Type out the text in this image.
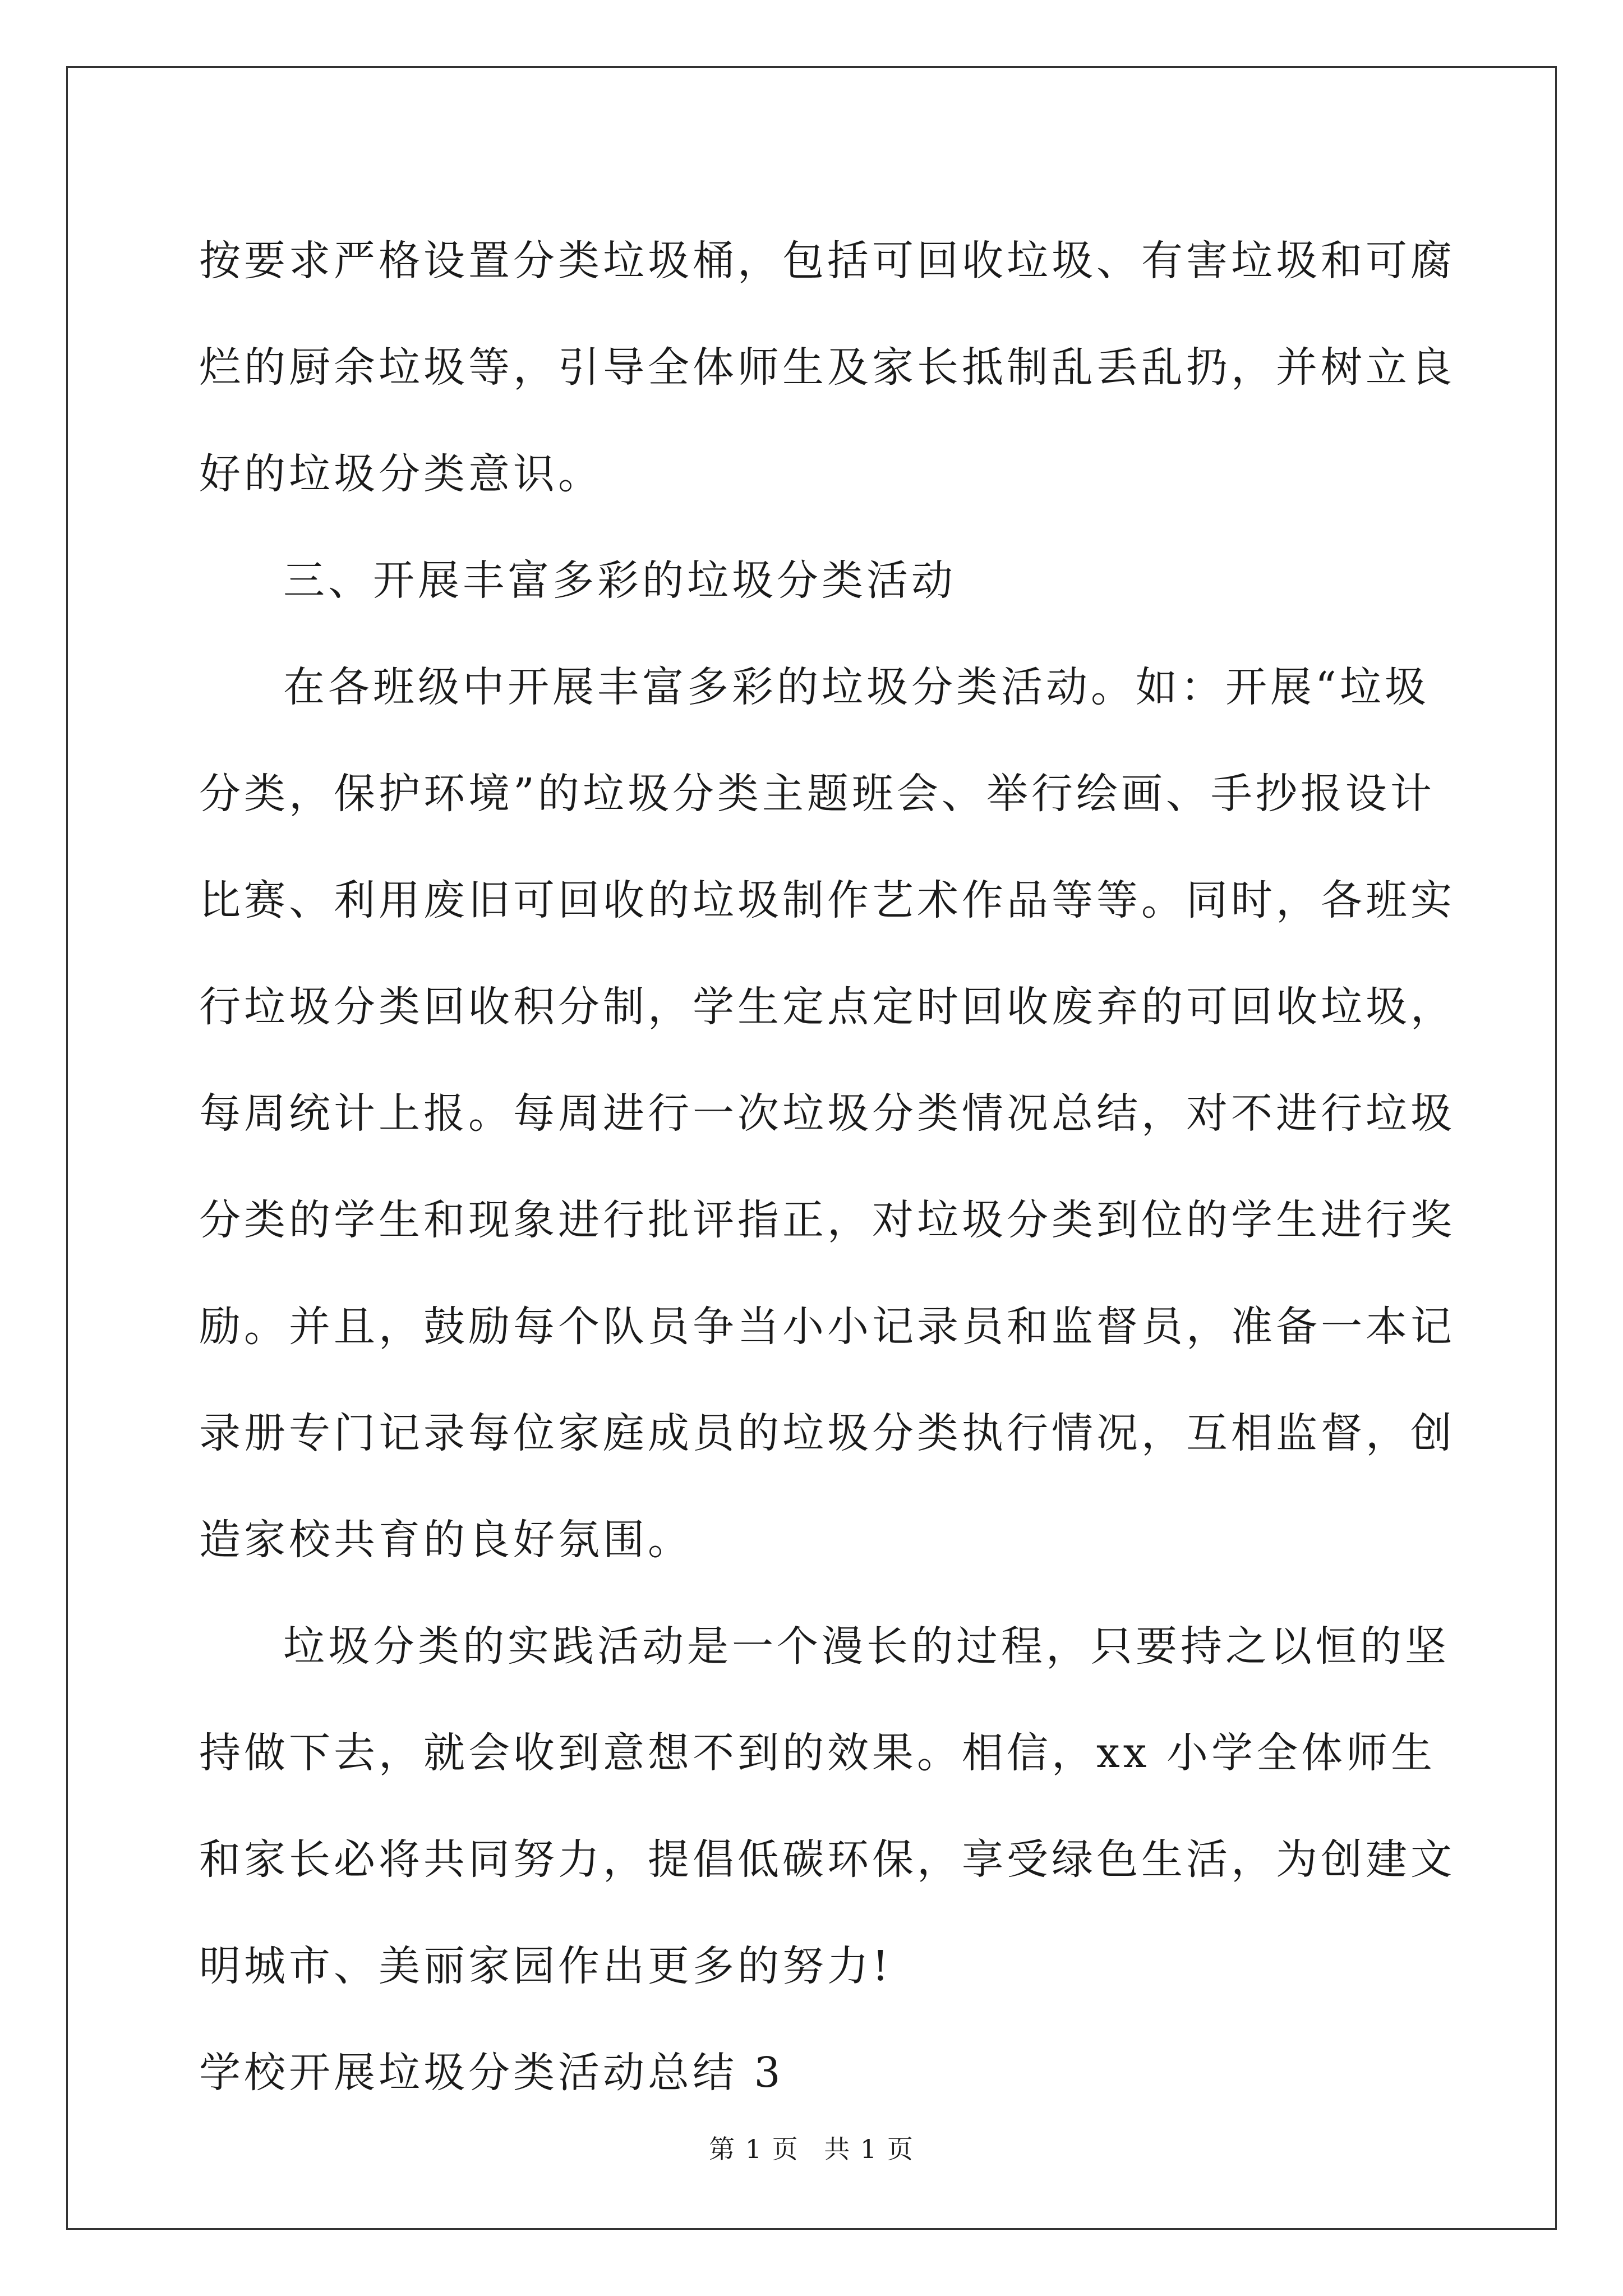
按要求严格设置分类垃圾桶，包括可回收垃圾、有害垃圾和可腐烂的厨余垃圾等，引导全体师生及家长抵制乱丢乱扔，并树立良好的垃圾分类意识。

三、开展丰富多彩的垃圾分类活动

在各班级中开展丰富多彩的垃圾分类活动。如：开展“垃圾分类，保护环境”的垃圾分类主题班会、举行绘画、手抄报设计比赛、利用废旧可回收的垃圾制作艺术作品等等。同时，各班实行垃圾分类回收积分制，学生定点定时回收废弃的可回收垃圾，每周统计上报。每周进行一次垃圾分类情况总结，对不进行垃圾分类的学生和现象进行批评指正，对垃圾分类到位的学生进行奖励。并且，鼓励每个队员争当小小记录员和监督员，准备一本记录册专门记录每位家庭成员的垃圾分类执行情况，互相监督，创造家校共育的良好氛围。

垃圾分类的实践活动是一个漫长的过程，只要持之以恒的坚持做下去，就会收到意想不到的效果。相信，xx 小学全体师生和家长必将共同努力，提倡低碳环保，享受绿色生活，为创建文明城市、美丽家园作出更多的努力!

学校开展垃圾分类活动总结 3

第 1 页 共 1 页
